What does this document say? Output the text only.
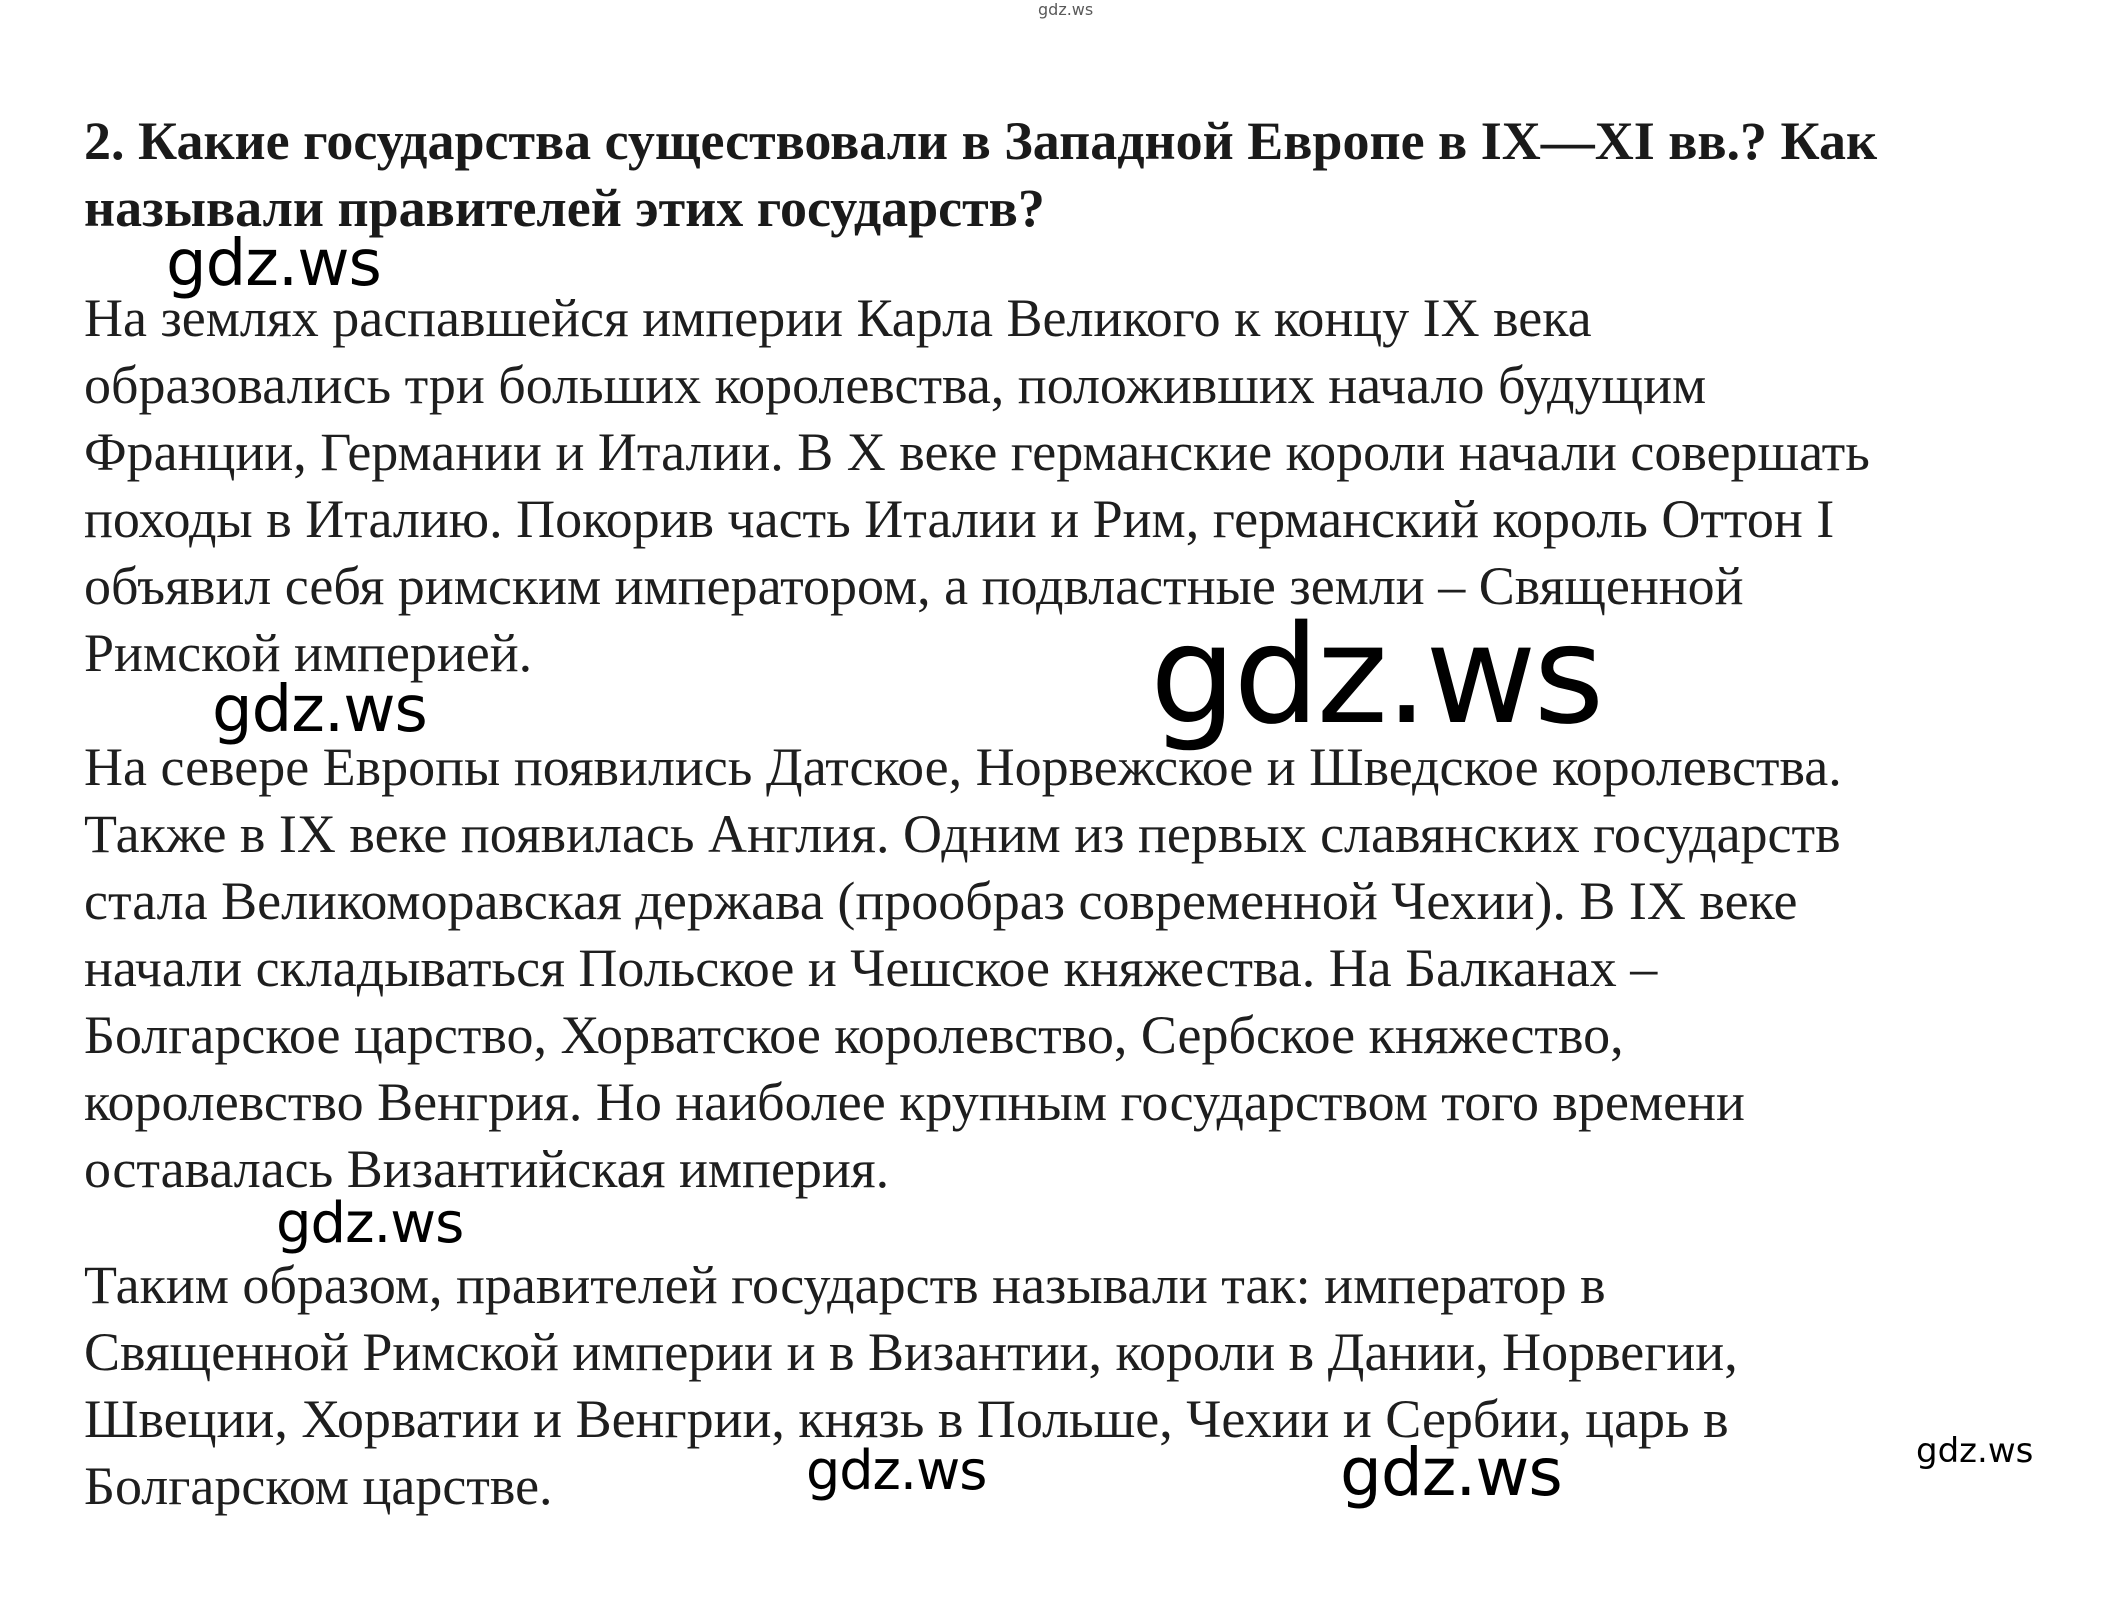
gdz.ws
2. Какие государства существовали в Западной Европе в IX—XI вв.? Как
называли правителей этих государств?
gdz.ws

На землях распавшейся империи Карла Великого к концу IX века
образовались три больших королевства, положивших начало будущим
Франции, Германии и Италии. В X веке германские короли начали совершать
походы в Италию. Покорив часть Италии и Рим, германский король Оттон I
объявил себя римским императором, а подвластные земли – Священной
Римской империей.	gdz.ws
gdz.ws

На севере Европы появились Датское, Норвежское и Шведское королевства.
Также в IX веке появилась Англия. Одним из первых славянских государств
стала Великоморавская держава (прообраз современной Чехии). В IX веке
начали складываться Польское и Чешское княжества. На Балканах –
Болгарское царство, Хорватское королевство, Сербское княжество,
королевство Венгрия. Но наиболее крупным государством того времени
оставалась Византийская империя.

gdz.ws

Таким образом, правителей государств называли так: император в
Священной Римской империи и в Византии, короли в Дании, Норвегии,
Швеции, Хорватии и Венгрии, князь в Польше, Чехии и Сербии, царь в
Болгарском царстве.	gdz.ws	gdz.ws	gdz.ws
